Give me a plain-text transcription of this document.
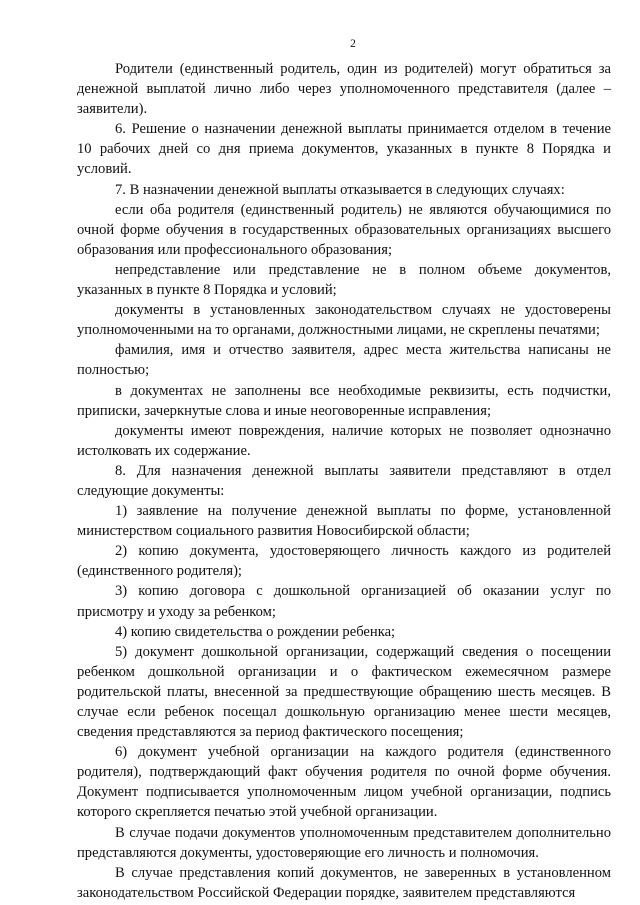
2

Родители (единственный родитель, один из родителей) могут обратиться за денежной выплатой лично либо через уполномоченного представителя (далее – заявители).

6. Решение о назначении денежной выплаты принимается отделом в течение 10 рабочих дней со дня приема документов, указанных в пункте 8 Порядка и условий.

7. В назначении денежной выплаты отказывается в следующих случаях:

если оба родителя (единственный родитель) не являются обучающимися по очной форме обучения в государственных образовательных организациях высшего образования или профессионального образования;

непредставление или представление не в полном объеме документов, указанных в пункте 8 Порядка и условий;

документы в установленных законодательством случаях не удостоверены уполномоченными на то органами, должностными лицами, не скреплены печатями;

фамилия, имя и отчество заявителя, адрес места жительства написаны не полностью;

в документах не заполнены все необходимые реквизиты, есть подчистки, приписки, зачеркнутые слова и иные неоговоренные исправления;

документы имеют повреждения, наличие которых не позволяет однозначно истолковать их содержание.

8. Для назначения денежной выплаты заявители представляют в отдел следующие документы:

1) заявление на получение денежной выплаты по форме, установленной министерством социального развития Новосибирской области;

2) копию документа, удостоверяющего личность каждого из родителей (единственного родителя);

3) копию договора с дошкольной организацией об оказании услуг по присмотру и уходу за ребенком;

4) копию свидетельства о рождении ребенка;

5) документ дошкольной организации, содержащий сведения о посещении ребенком дошкольной организации и о фактическом ежемесячном размере родительской платы, внесенной за предшествующие обращению шесть месяцев. В случае если ребенок посещал дошкольную организацию менее шести месяцев, сведения представляются за период фактического посещения;

6) документ учебной организации на каждого родителя (единственного родителя), подтверждающий факт обучения родителя по очной форме обучения. Документ подписывается уполномоченным лицом учебной организации, подпись которого скрепляется печатью этой учебной организации.

В случае подачи документов уполномоченным представителем дополнительно представляются документы, удостоверяющие его личность и полномочия.

В случае представления копий документов, не заверенных в установленном законодательством Российской Федерации порядке, заявителем представляются
